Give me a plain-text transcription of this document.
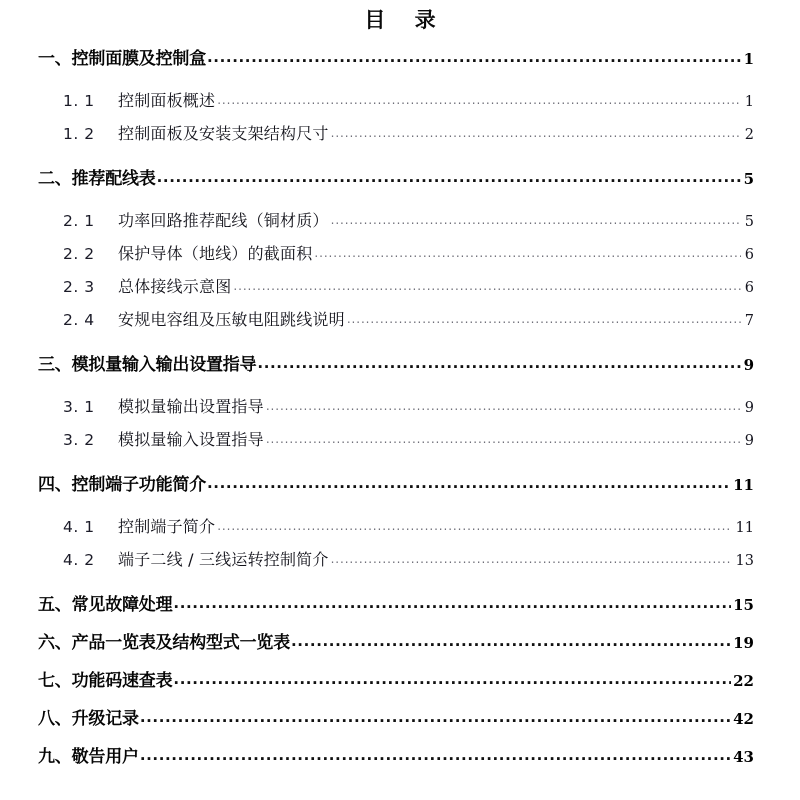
目    录
一、控制面膜及控制盒 .....	1
1. 1	控制面板概述 .....	1
1. 2	控制面板及安装支架结构尺寸 .....	2
二、推荐配线表 .....	5
2. 1	功率回路推荐配线（铜材质） .....	5
2. 2	保护导体（地线）的截面积 .....	6
2. 3	总体接线示意图 .....	6
2. 4	安规电容组及压敏电阻跳线说明 .....	7
三、模拟量输入输出设置指导 .....	9
3. 1	模拟量输出设置指导 .....	9
3. 2	模拟量输入设置指导 .....	9
四、控制端子功能简介 .....	11
4. 1	控制端子简介 .....	11
4. 2	端子二线 / 三线运转控制简介 .....	13
五、常见故障处理 .....	15
六、产品一览表及结构型式一览表 .....	19
七、功能码速查表 .....	22
八、升级记录 .....	42
九、敬告用户 .....	43
